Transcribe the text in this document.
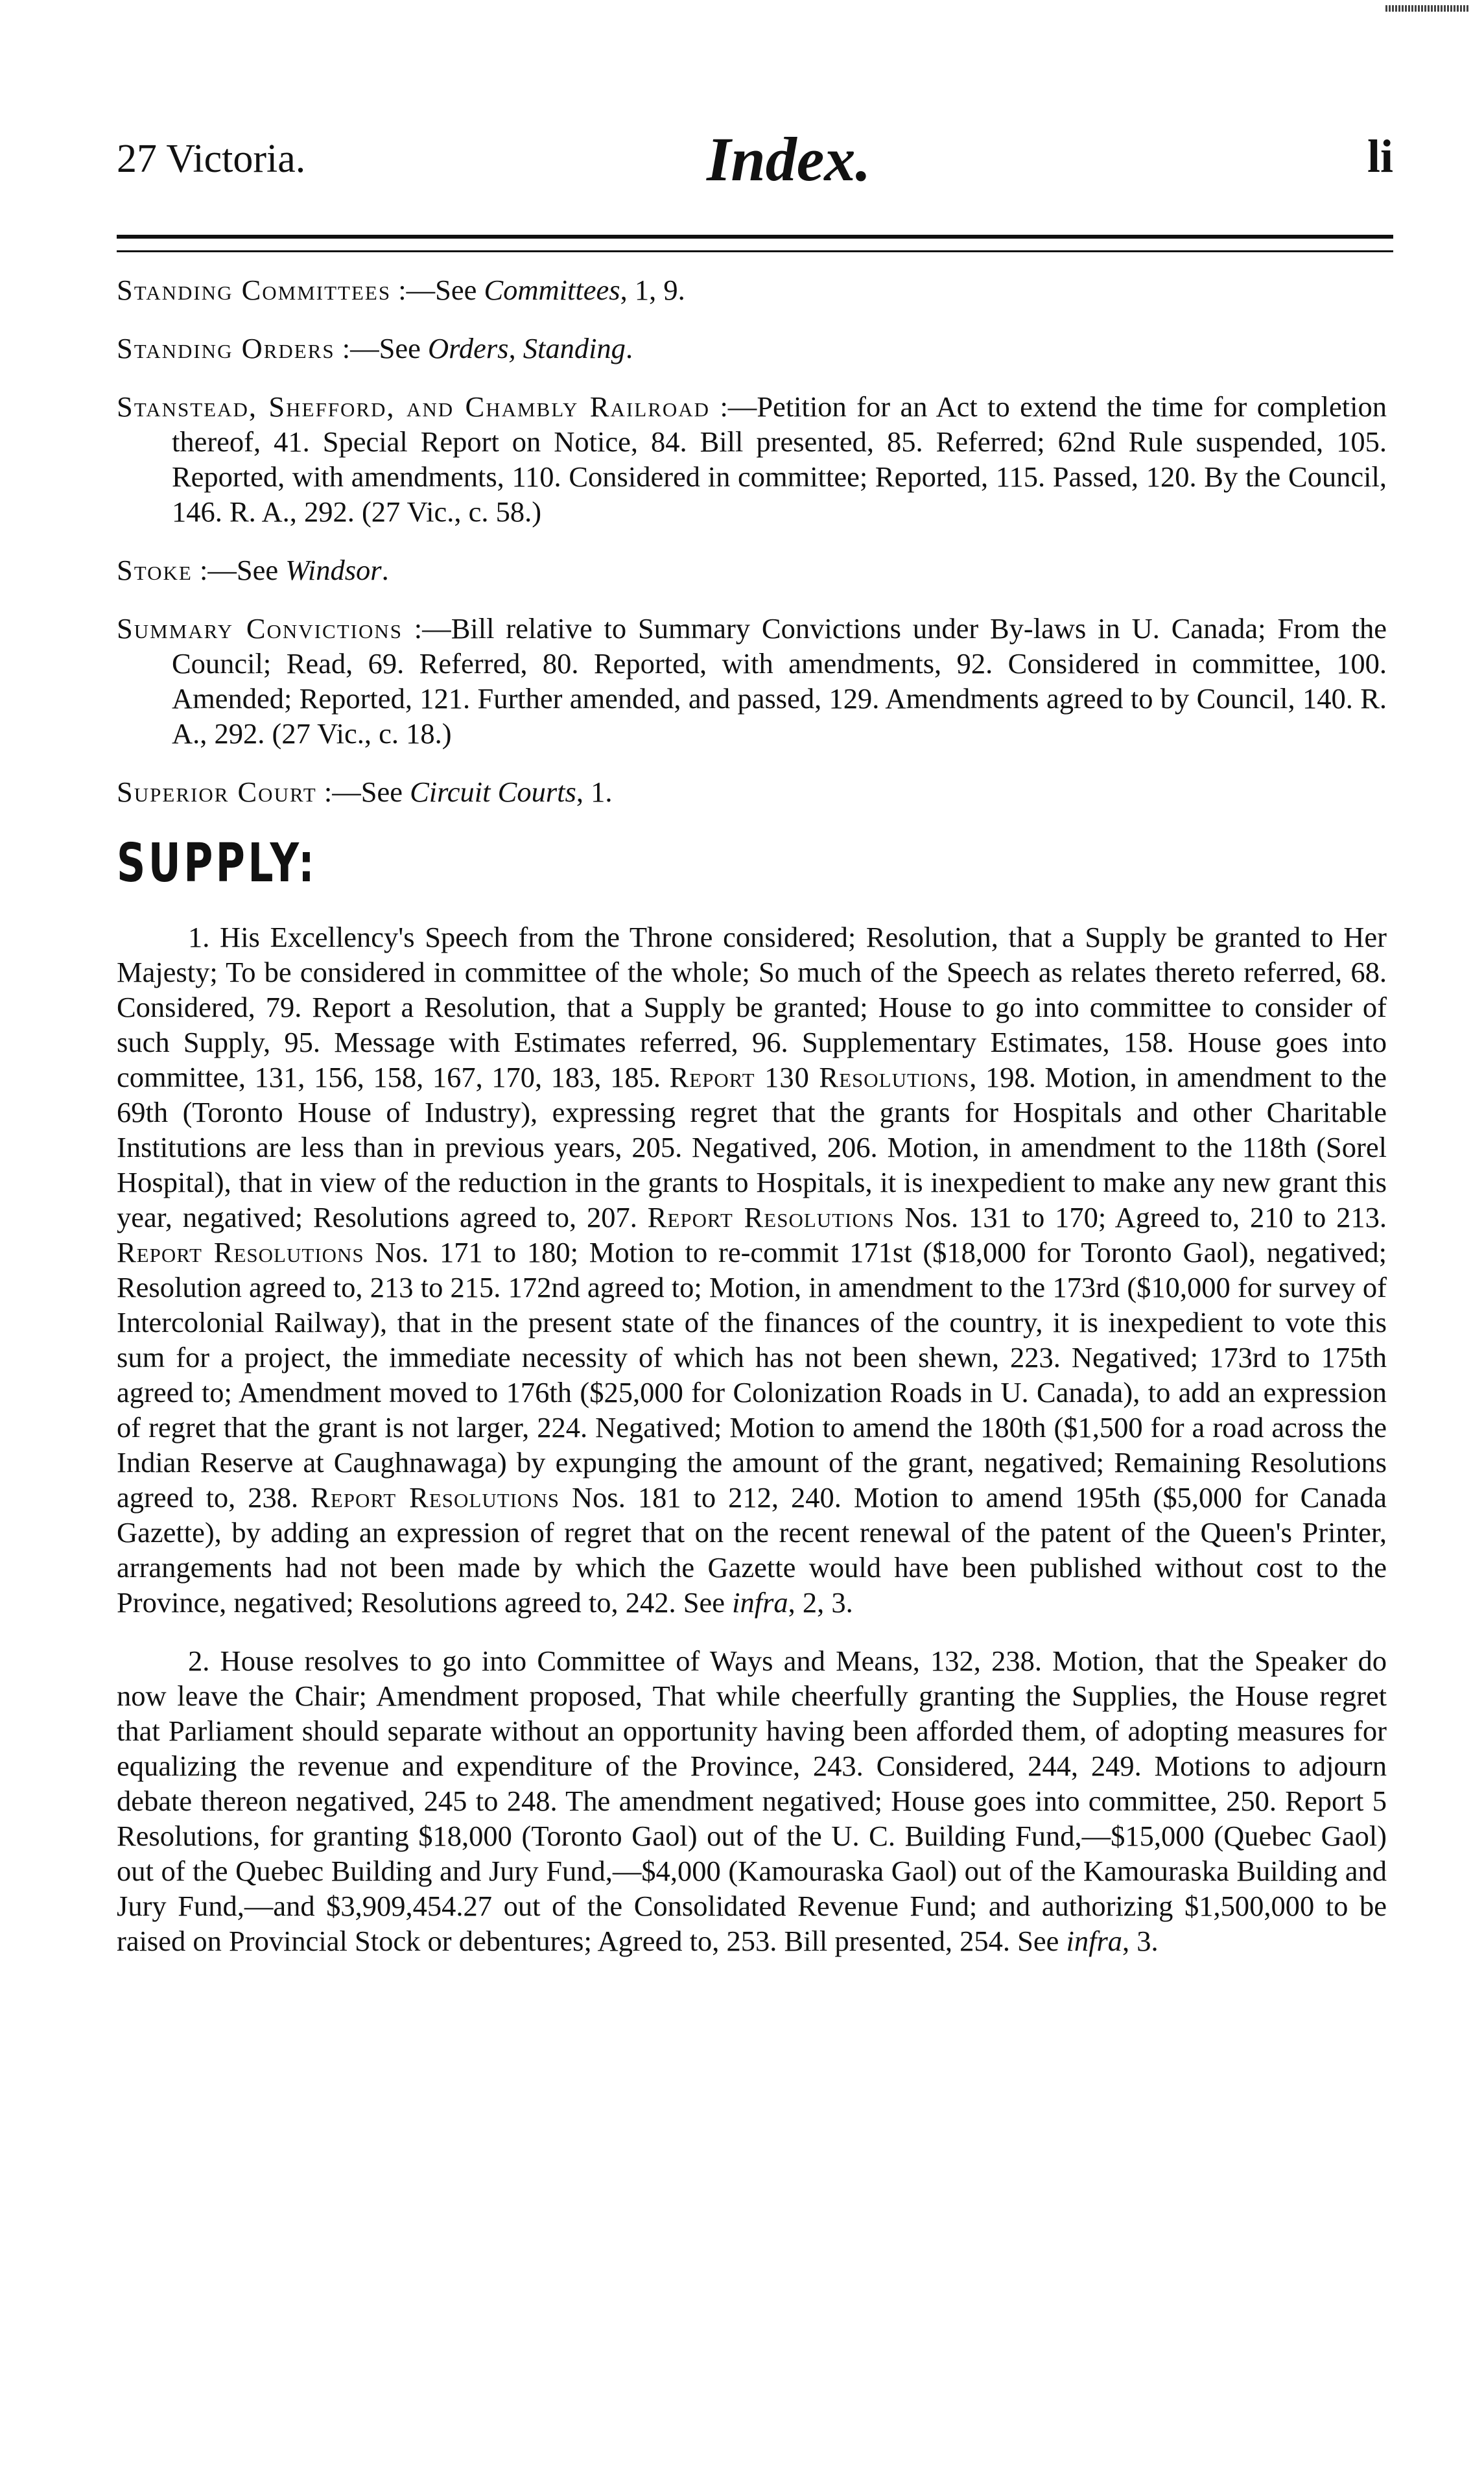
27 Victoria.	Index.	li

Standing Committees :—See Committees, 1, 9.

Standing Orders :—See Orders, Standing.

Stanstead, Shefford, and Chambly Railroad :—Petition for an Act to extend the time for completion thereof, 41. Special Report on Notice, 84. Bill presented, 85. Referred; 62nd Rule suspended, 105. Reported, with amendments, 110. Considered in committee; Reported, 115. Passed, 120. By the Council, 146. R. A., 292. (27 Vic., c. 58.)

Stoke :—See Windsor.

Summary Convictions :—Bill relative to Summary Convictions under By-laws in U. Canada; From the Council; Read, 69. Referred, 80. Reported, with amendments, 92. Considered in committee, 100. Amended; Reported, 121. Further amended, and passed, 129. Amendments agreed to by Council, 140. R. A., 292. (27 Vic., c. 18.)

Superior Court :—See Circuit Courts, 1.

SUPPLY:

1. His Excellency's Speech from the Throne considered; Resolution, that a Supply be granted to Her Majesty; To be considered in committee of the whole; So much of the Speech as relates thereto referred, 68. Considered, 79. Report a Resolution, that a Supply be granted; House to go into committee to consider of such Supply, 95. Message with Estimates referred, 96. Supplementary Estimates, 158. House goes into committee, 131, 156, 158, 167, 170, 183, 185. Report 130 Resolutions, 198. Motion, in amendment to the 69th (Toronto House of Industry), expressing regret that the grants for Hospitals and other Charitable Institutions are less than in previous years, 205. Negatived, 206. Motion, in amendment to the 118th (Sorel Hospital), that in view of the reduction in the grants to Hospitals, it is inexpedient to make any new grant this year, negatived; Resolutions agreed to, 207. Report Resolutions Nos. 131 to 170; Agreed to, 210 to 213. Report Resolutions Nos. 171 to 180; Motion to re-commit 171st ($18,000 for Toronto Gaol), negatived; Resolution agreed to, 213 to 215. 172nd agreed to; Motion, in amendment to the 173rd ($10,000 for survey of Intercolonial Railway), that in the present state of the finances of the country, it is inexpedient to vote this sum for a project, the immediate necessity of which has not been shewn, 223. Negatived; 173rd to 175th agreed to; Amendment moved to 176th ($25,000 for Colonization Roads in U. Canada), to add an expression of regret that the grant is not larger, 224. Negatived; Motion to amend the 180th ($1,500 for a road across the Indian Reserve at Caughnawaga) by expunging the amount of the grant, negatived; Remaining Resolutions agreed to, 238. Report Resolutions Nos. 181 to 212, 240. Motion to amend 195th ($5,000 for Canada Gazette), by adding an expression of regret that on the recent renewal of the patent of the Queen's Printer, arrangements had not been made by which the Gazette would have been published without cost to the Province, negatived; Resolutions agreed to, 242. See infra, 2, 3.

2. House resolves to go into Committee of Ways and Means, 132, 238. Motion, that the Speaker do now leave the Chair; Amendment proposed, That while cheerfully granting the Supplies, the House regret that Parliament should separate without an opportunity having been afforded them, of adopting measures for equalizing the revenue and expenditure of the Province, 243. Considered, 244, 249. Motions to adjourn debate thereon negatived, 245 to 248. The amendment negatived; House goes into committee, 250. Report 5 Resolutions, for granting $18,000 (Toronto Gaol) out of the U. C. Building Fund,—$15,000 (Quebec Gaol) out of the Quebec Building and Jury Fund,—$4,000 (Kamouraska Gaol) out of the Kamouraska Building and Jury Fund,—and $3,909,454.27 out of the Consolidated Revenue Fund; and authorizing $1,500,000 to be raised on Provincial Stock or debentures; Agreed to, 253. Bill presented, 254. See infra, 3.
